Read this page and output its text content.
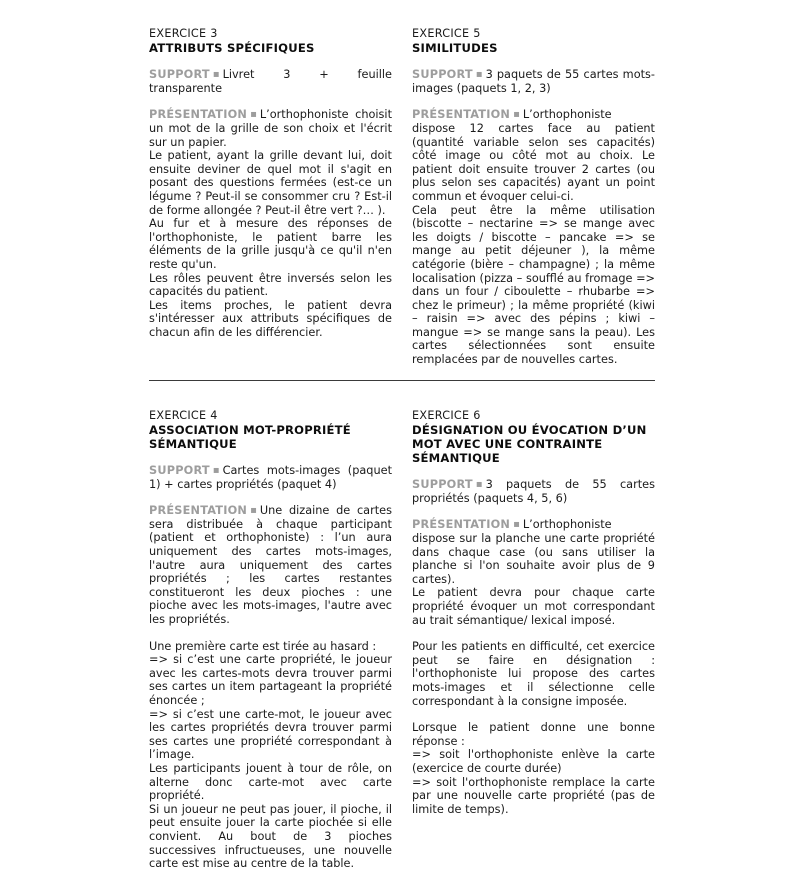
EXERCICE 3
ATTRIBUTS SPÉCIFIQUES

SUPPORT ▪ Livret 3 + feuille transparente

PRÉSENTATION ▪ L’orthophoniste choisit un mot de la grille de son choix et l'écrit sur un papier.

Le patient, ayant la grille devant lui, doit ensuite deviner de quel mot il s'agit en posant des questions fermées (est-ce un légume ? Peut-il se consommer cru ? Est-il de forme allongée ? Peut-il être vert ?… ).

Au fur et à mesure des réponses de l'orthophoniste, le patient barre les éléments de la grille jusqu'à ce qu'il n'en reste qu'un.

Les rôles peuvent être inversés selon les capacités du patient.

Les items proches, le patient devra s'intéresser aux attributs spécifiques de chacun afin de les différencier.

EXERCICE 5
SIMILITUDES

SUPPORT ▪ 3 paquets de 55 cartes mots-images (paquets 1, 2, 3)

PRÉSENTATION ▪ L’orthophoniste dispose 12 cartes face au patient (quantité variable selon ses capacités) côté image ou côté mot au choix. Le patient doit ensuite trouver 2 cartes (ou plus selon ses capacités) ayant un point commun et évoquer celui-ci.

Cela peut être la même utilisation (biscotte – nectarine => se mange avec les doigts / biscotte – pancake => se mange au petit déjeuner ), la même catégorie (bière – champagne) ; la même localisation (pizza – soufflé au fromage => dans un four / ciboulette – rhubarbe => chez le primeur) ; la même propriété (kiwi – raisin => avec des pépins ; kiwi – mangue => se mange sans la peau). Les cartes sélectionnées sont ensuite remplacées par de nouvelles cartes.

EXERCICE 4
ASSOCIATION MOT-PROPRIÉTÉ SÉMANTIQUE

SUPPORT ▪ Cartes mots-images (paquet 1) + cartes propriétés (paquet 4)

PRÉSENTATION ▪ Une dizaine de cartes sera distribuée à chaque participant (patient et orthophoniste) : l’un aura uniquement des cartes mots-images, l'autre aura uniquement des cartes propriétés ; les cartes restantes constitueront les deux pioches : une pioche avec les mots-images, l'autre avec les propriétés.

Une première carte est tirée au hasard :

=> si c’est une carte propriété, le joueur avec les cartes-mots devra trouver parmi ses cartes un item partageant la propriété énoncée ;

=> si c’est une carte-mot, le joueur avec les cartes propriétés devra trouver parmi ses cartes une propriété correspondant à l’image.

Les participants jouent à tour de rôle, on alterne donc carte-mot avec carte propriété.

Si un joueur ne peut pas jouer, il pioche, il peut ensuite jouer la carte piochée si elle convient. Au bout de 3 pioches successives infructueuses, une nouvelle carte est mise au centre de la table.

EXERCICE 6
DÉSIGNATION OU ÉVOCATION D’UN MOT AVEC UNE CONTRAINTE SÉMANTIQUE

SUPPORT ▪ 3 paquets de 55 cartes propriétés (paquets 4, 5, 6)

PRÉSENTATION ▪ L’orthophoniste dispose sur la planche une carte propriété dans chaque case (ou sans utiliser la planche si l'on souhaite avoir plus de 9 cartes).

Le patient devra pour chaque carte propriété évoquer un mot correspondant au trait sémantique/ lexical imposé.

Pour les patients en difficulté, cet exercice peut se faire en désignation : l'orthophoniste lui propose des cartes mots-images et il sélectionne celle correspondant à la consigne imposée.

Lorsque le patient donne une bonne réponse :

=> soit l'orthophoniste enlève la carte (exercice de courte durée)

=> soit l'orthophoniste remplace la carte par une nouvelle carte propriété (pas de limite de temps).
